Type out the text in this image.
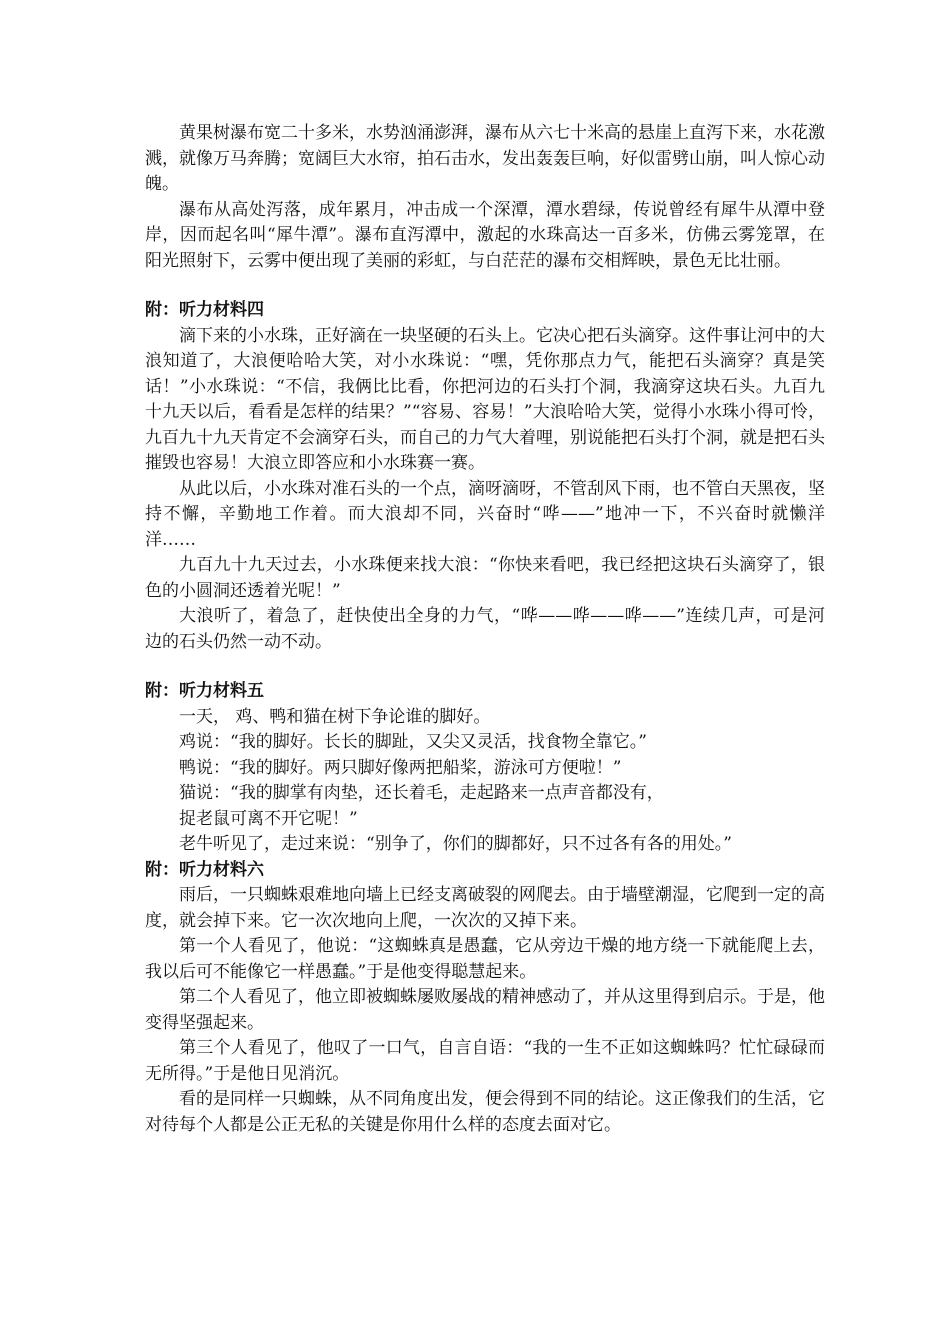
黄果树瀑布宽二十多米，水势汹涌澎湃，瀑布从六七十米高的悬崖上直泻下来，水花激溅，就像万马奔腾；宽阔巨大水帘，拍石击水，发出轰轰巨响，好似雷劈山崩，叫人惊心动魄。

瀑布从高处泻落，成年累月，冲击成一个深潭，潭水碧绿，传说曾经有犀牛从潭中登岸，因而起名叫“犀牛潭”。瀑布直泻潭中，激起的水珠高达一百多米，仿佛云雾笼罩，在阳光照射下，云雾中便出现了美丽的彩虹，与白茫茫的瀑布交相辉映，景色无比壮丽。

附：听力材料四

滴下来的小水珠，正好滴在一块坚硬的石头上。它决心把石头滴穿。这件事让河中的大浪知道了，大浪便哈哈大笑，对小水珠说：“嘿，凭你那点力气，能把石头滴穿？真是笑话！”小水珠说：“不信，我俩比比看，你把河边的石头打个洞，我滴穿这块石头。九百九十九天以后，看看是怎样的结果？”“容易、容易！”大浪哈哈大笑，觉得小水珠小得可怜，九百九十九天肯定不会滴穿石头，而自己的力气大着哩，别说能把石头打个洞，就是把石头摧毁也容易！大浪立即答应和小水珠赛一赛。

从此以后，小水珠对准石头的一个点，滴呀滴呀，不管刮风下雨，也不管白天黑夜，坚持不懈，辛勤地工作着。而大浪却不同，兴奋时“哗——”地冲一下，不兴奋时就懒洋洋……

九百九十九天过去，小水珠便来找大浪：“你快来看吧，我已经把这块石头滴穿了，银色的小圆洞还透着光呢！”

大浪听了，着急了，赶快使出全身的力气，“哗——哗——哗——”连续几声，可是河边的石头仍然一动不动。

附：听力材料五

一天， 鸡、鸭和猫在树下争论谁的脚好。

鸡说：“我的脚好。长长的脚趾，又尖又灵活，找食物全靠它。”

鸭说：“我的脚好。两只脚好像两把船桨，游泳可方便啦！”

猫说：“我的脚掌有肉垫，还长着毛，走起路来一点声音都没有，

捉老鼠可离不开它呢！”

老牛听见了，走过来说：“别争了，你们的脚都好，只不过各有各的用处。”

附：听力材料六

雨后，一只蜘蛛艰难地向墙上已经支离破裂的网爬去。由于墙壁潮湿，它爬到一定的高度，就会掉下来。它一次次地向上爬，一次次的又掉下来。

第一个人看见了，他说：“这蜘蛛真是愚蠢，它从旁边干燥的地方绕一下就能爬上去，我以后可不能像它一样愚蠢。”于是他变得聪慧起来。

第二个人看见了，他立即被蜘蛛屡败屡战的精神感动了，并从这里得到启示。于是，他变得坚强起来。

第三个人看见了，他叹了一口气，自言自语：“我的一生不正如这蜘蛛吗？忙忙碌碌而无所得。”于是他日见消沉。

看的是同样一只蜘蛛，从不同角度出发，便会得到不同的结论。这正像我们的生活，它对待每个人都是公正无私的关键是你用什么样的态度去面对它。
